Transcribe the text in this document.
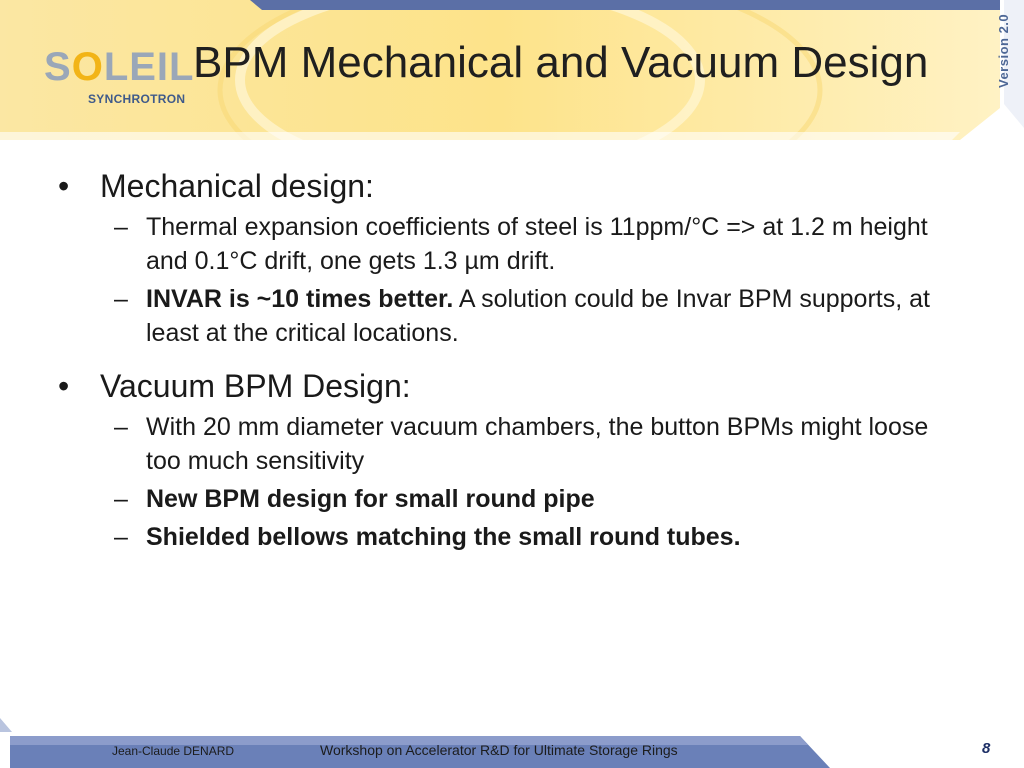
SOLEIL
SYNCHROTRON
BPM Mechanical and Vacuum Design	Version 2.0
• Mechanical design:
– Thermal expansion coefficients of steel is 11ppm/°C => at 1.2 m height and 0.1°C drift, one gets 1.3 µm drift.
– INVAR is ~10 times better. A solution could be Invar BPM supports, at least at the critical locations.
• Vacuum BPM Design:
– With 20 mm diameter vacuum chambers, the button BPMs might loose too much sensitivity
– New BPM design for small round pipe
– Shielded bellows matching the small round tubes.
Jean-Claude DENARD	Workshop on Accelerator R&D for Ultimate Storage Rings	8
